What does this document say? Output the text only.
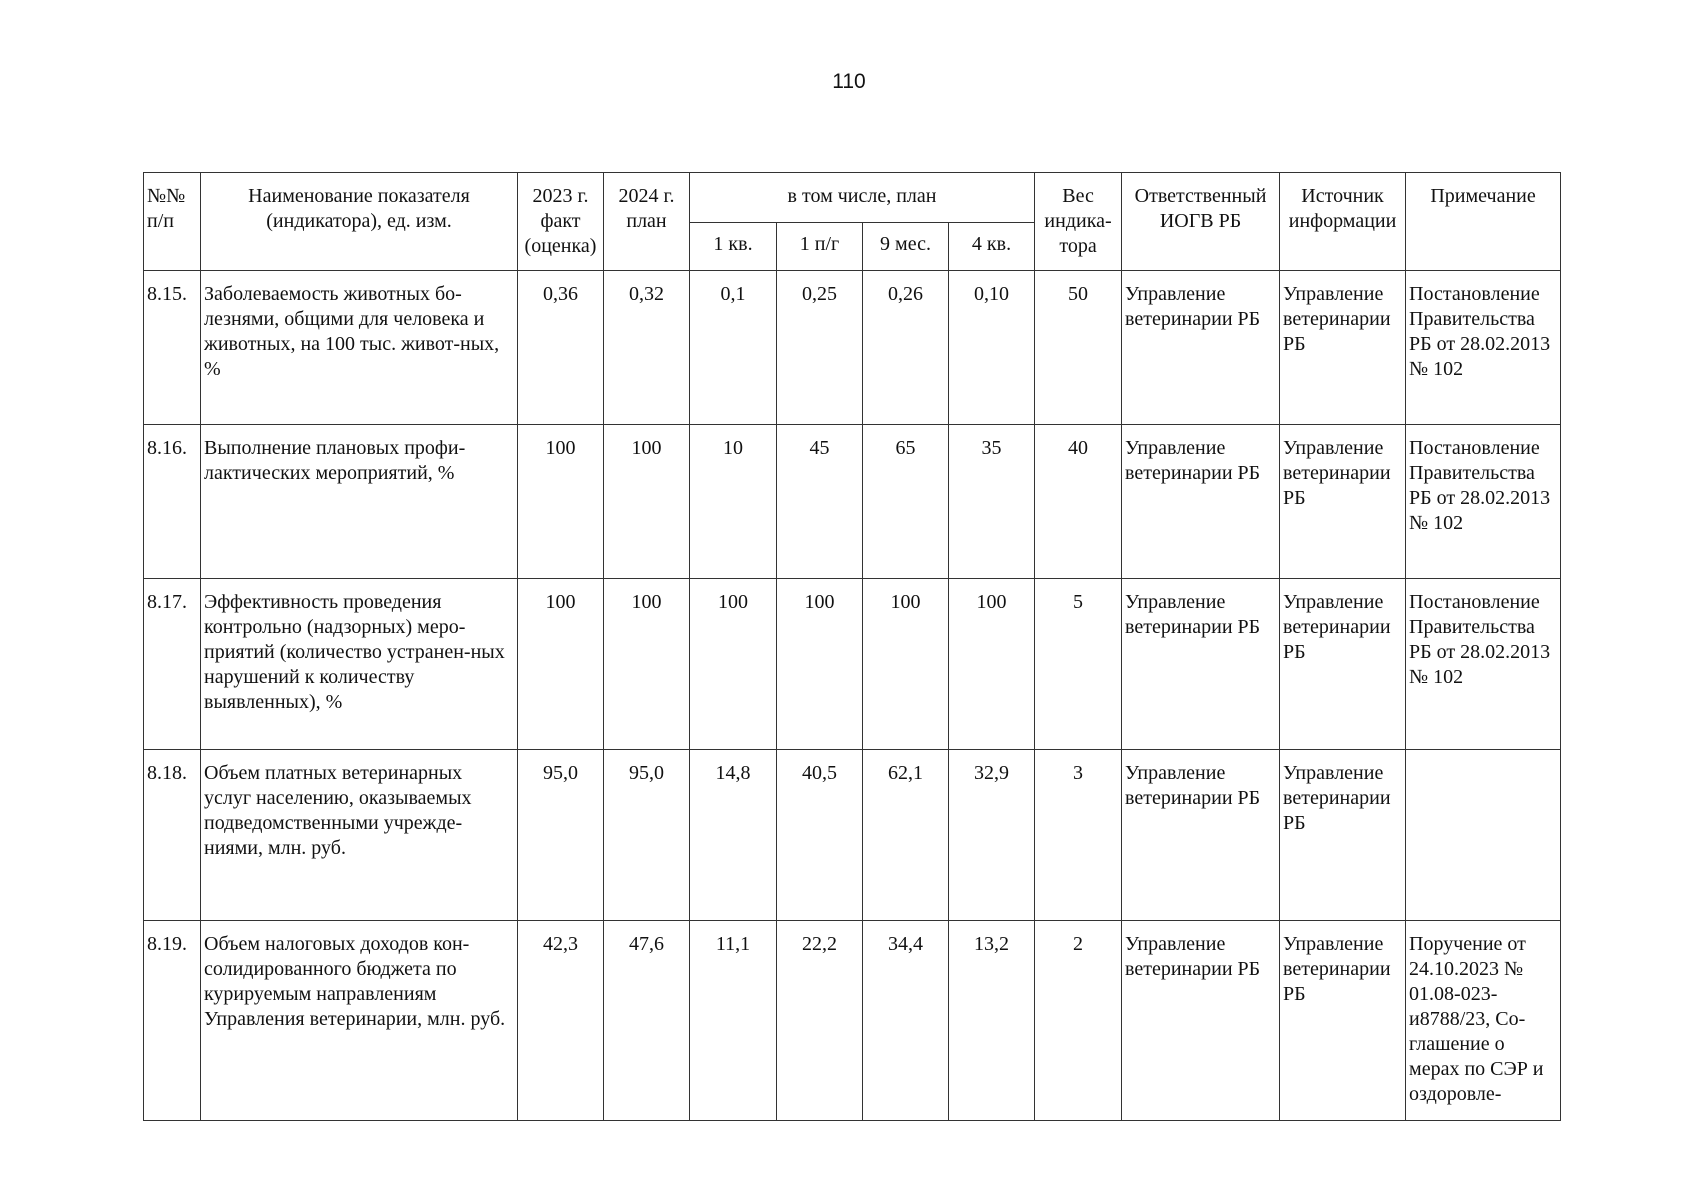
110
№№ п/п	Наименование показателя (индикатора), ед. изм.	2023 г. факт (оценка)	2024 г. план	в том числе, план				Вес индика-тора	Ответственный ИОГВ РБ	Источник информации	Примечание
				1 кв.	1 п/г	9 мес.	4 кв.				
8.15.	Заболеваемость животных бо-лезнями, общими для человека и животных, на 100 тыс. живот-ных, %	0,36	0,32	0,1	0,25	0,26	0,10	50	Управление ветеринарии РБ	Управление ветеринарии РБ	Постановление Правительства РБ от 28.02.2013 № 102
8.16.	Выполнение плановых профи-лактических мероприятий, %	100	100	10	45	65	35	40	Управление ветеринарии РБ	Управление ветеринарии РБ	Постановление Правительства РБ от 28.02.2013 № 102
8.17.	Эффективность проведения контрольно (надзорных) меро-приятий (количество устранен-ных нарушений к количеству выявленных), %	100	100	100	100	100	100	5	Управление ветеринарии РБ	Управление ветеринарии РБ	Постановление Правительства РБ от 28.02.2013 № 102
8.18.	Объем платных ветеринарных услуг населению, оказываемых подведомственными учрежде-ниями, млн. руб.	95,0	95,0	14,8	40,5	62,1	32,9	3	Управление ветеринарии РБ	Управление ветеринарии РБ	
8.19.	Объем налоговых доходов кон-солидированного бюджета по курируемым направлениям Управления ветеринарии, млн. руб.	42,3	47,6	11,1	22,2	34,4	13,2	2	Управление ветеринарии РБ	Управление ветеринарии РБ	Поручение от 24.10.2023 № 01.08-023-и8788/23, Со-глашение о мерах по СЭР и оздоровле-
